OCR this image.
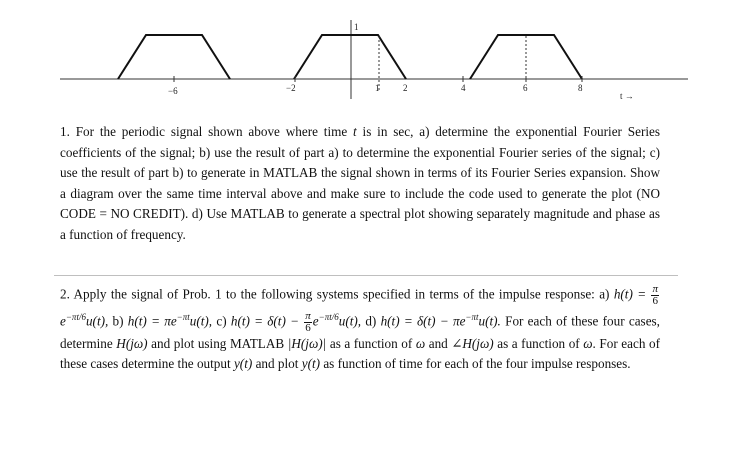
−6	−2	1	2	4	6	8
1
t →

1. For the periodic signal shown above where time t is in sec, a) determine the exponential Fourier Series coefficients of the signal; b) use the result of part a) to determine the exponential Fourier series of the signal; c) use the result of part b) to generate in MATLAB the signal shown in terms of its Fourier Series expansion. Show a diagram over the same time interval above and make sure to include the code used to generate the plot (NO CODE = NO CREDIT). d) Use MATLAB to generate a spectral plot showing separately magnitude and phase as a function of frequency.

2. Apply the signal of Prob. 1 to the following systems specified in terms of the impulse response: a) $h(t) = \frac{\pi}{6}$
$e^{-\pi t/6}u(t)$, b) $h(t) = \pi e^{-\pi t}u(t)$, c) $h(t) = \delta(t) - \frac{\pi}{6} e^{-\pi t/6}u(t)$, d) $h(t) = \delta(t) - \pi e^{-\pi t}u(t)$. For each of these four cases, determine H(jω) and plot using MATLAB |H(jω)| as a function of ω and ∠H(jω) as a function of ω. For each of these cases determine the output y(t) and plot y(t) as function of time for each of the four impulse responses.
